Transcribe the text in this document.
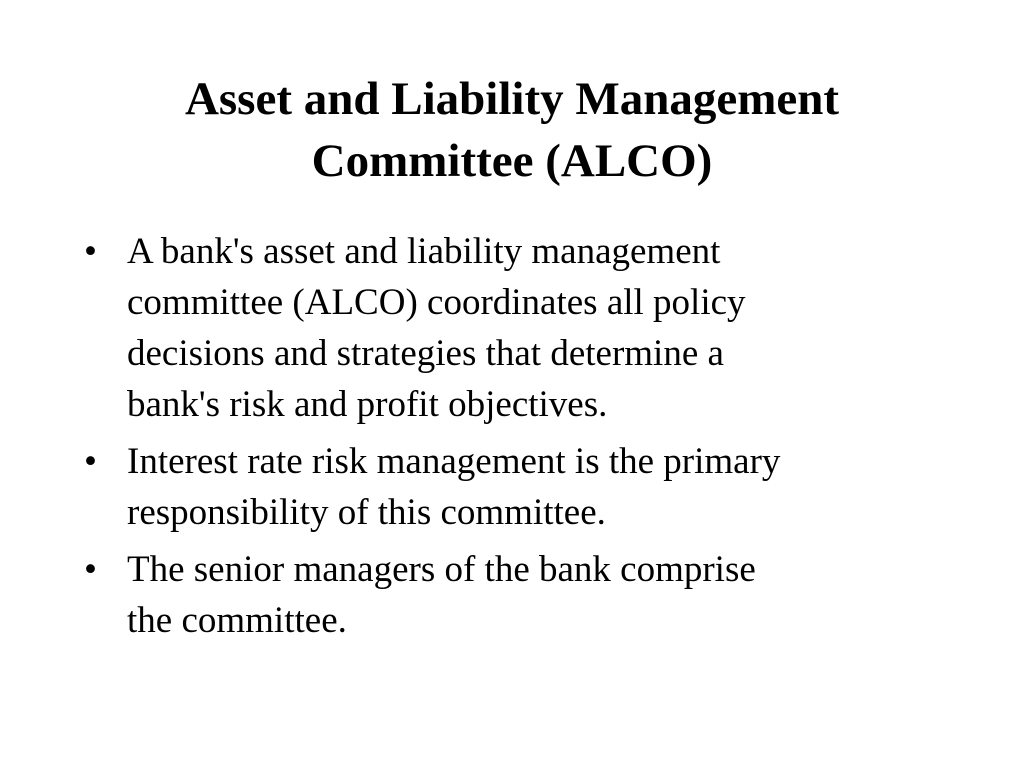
Asset and Liability Management
Committee (ALCO)
• A bank's asset and liability management
committee (ALCO) coordinates all policy
decisions and strategies that determine a
bank's risk and profit objectives.
• Interest rate risk management is the primary
responsibility of this committee.
• The senior managers of the bank comprise
the committee.
